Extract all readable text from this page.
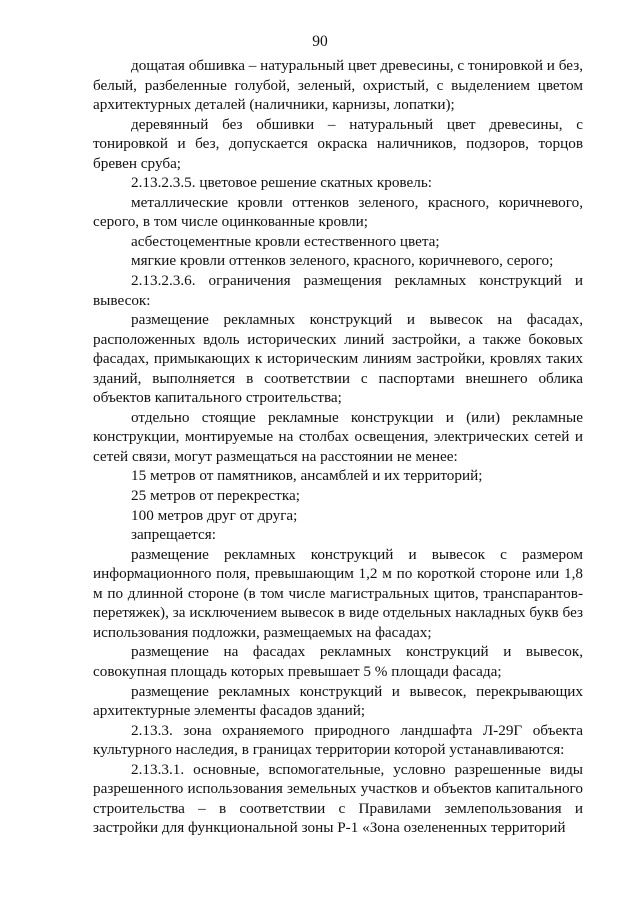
90

дощатая обшивка – натуральный цвет древесины, с тонировкой и без, белый, разбеленные голубой, зеленый, охристый, с выделением цветом архитектурных деталей (наличники, карнизы, лопатки);

деревянный без обшивки – натуральный цвет древесины, с тонировкой и без, допускается окраска наличников, подзоров, торцов бревен сруба;

2.13.2.3.5. цветовое решение скатных кровель:

металлические кровли оттенков зеленого, красного, коричневого, серого, в том числе оцинкованные кровли;

асбестоцементные кровли естественного цвета;

мягкие кровли оттенков зеленого, красного, коричневого, серого;

2.13.2.3.6. ограничения размещения рекламных конструкций и вывесок:

размещение рекламных конструкций и вывесок на фасадах, расположенных вдоль исторических линий застройки, а также боковых фасадах, примыкающих к историческим линиям застройки, кровлях таких зданий, выполняется в соответствии с паспортами внешнего облика объектов капитального строительства;

отдельно стоящие рекламные конструкции и (или) рекламные конструкции, монтируемые на столбах освещения, электрических сетей и сетей связи, могут размещаться на расстоянии не менее:

15 метров от памятников, ансамблей и их территорий;

25 метров от перекрестка;

100 метров друг от друга;

запрещается:

размещение рекламных конструкций и вывесок с размером информационного поля, превышающим 1,2 м по короткой стороне или 1,8 м по длинной стороне (в том числе магистральных щитов, транспарантов-перетяжек), за исключением вывесок в виде отдельных накладных букв без использования подложки, размещаемых на фасадах;

размещение на фасадах рекламных конструкций и вывесок, совокупная площадь которых превышает 5 % площади фасада;

размещение рекламных конструкций и вывесок, перекрывающих архитектурные элементы фасадов зданий;

2.13.3. зона охраняемого природного ландшафта Л-29Г объекта культурного наследия, в границах территории которой устанавливаются:

2.13.3.1. основные, вспомогательные, условно разрешенные виды разрешенного использования земельных участков и объектов капитального строительства – в соответствии с Правилами землепользования и застройки для функциональной зоны Р-1 «Зона озелененных территорий
